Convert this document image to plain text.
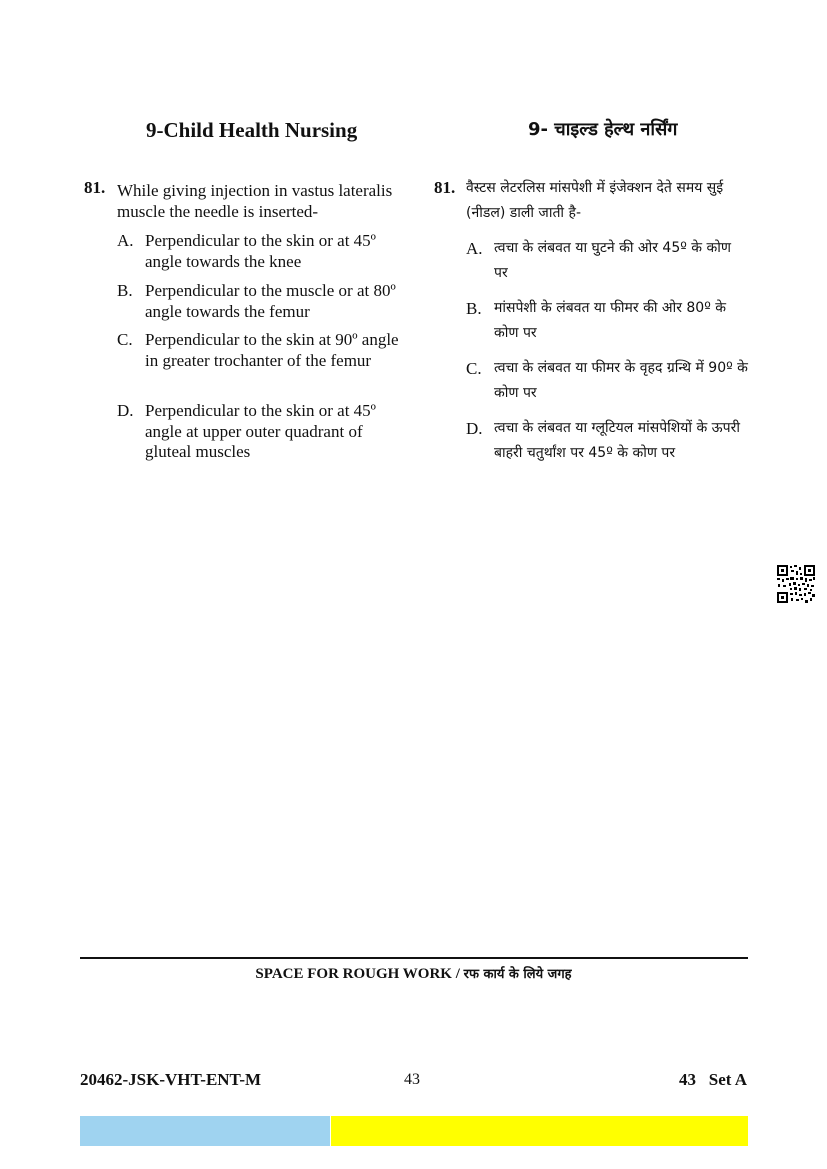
9-Child Health Nursing	9- चाइल्ड हेल्थ नर्सिंग
81. While giving injection in vastus lateralis muscle the needle is inserted-
A. Perpendicular to the skin or at 45º angle towards the knee
B. Perpendicular to the muscle or at 80º angle towards the femur
C. Perpendicular to the skin at 90º angle in greater trochanter of the femur
D. Perpendicular to the skin or at 45º angle at upper outer quadrant of gluteal muscles
81. वैस्टस लेटरलिस मांसपेशी में इंजेक्शन देते समय सुई (नीडल) डाली जाती है-
A. त्वचा के लंबवत या घुटने की ओर 45º के कोण पर
B. मांसपेशी के लंबवत या फीमर की ओर 80º के कोण पर
C. त्वचा के लंबवत या फीमर के वृहद ग्रन्थि में 90º के कोण पर
D. त्वचा के लंबवत या ग्लूटियल मांसपेशियों के ऊपरी बाहरी चतुर्थांश पर 45º के कोण पर
SPACE FOR ROUGH WORK / रफ कार्य के लिये जगह
20462-JSK-VHT-ENT-M	43	43   Set A
